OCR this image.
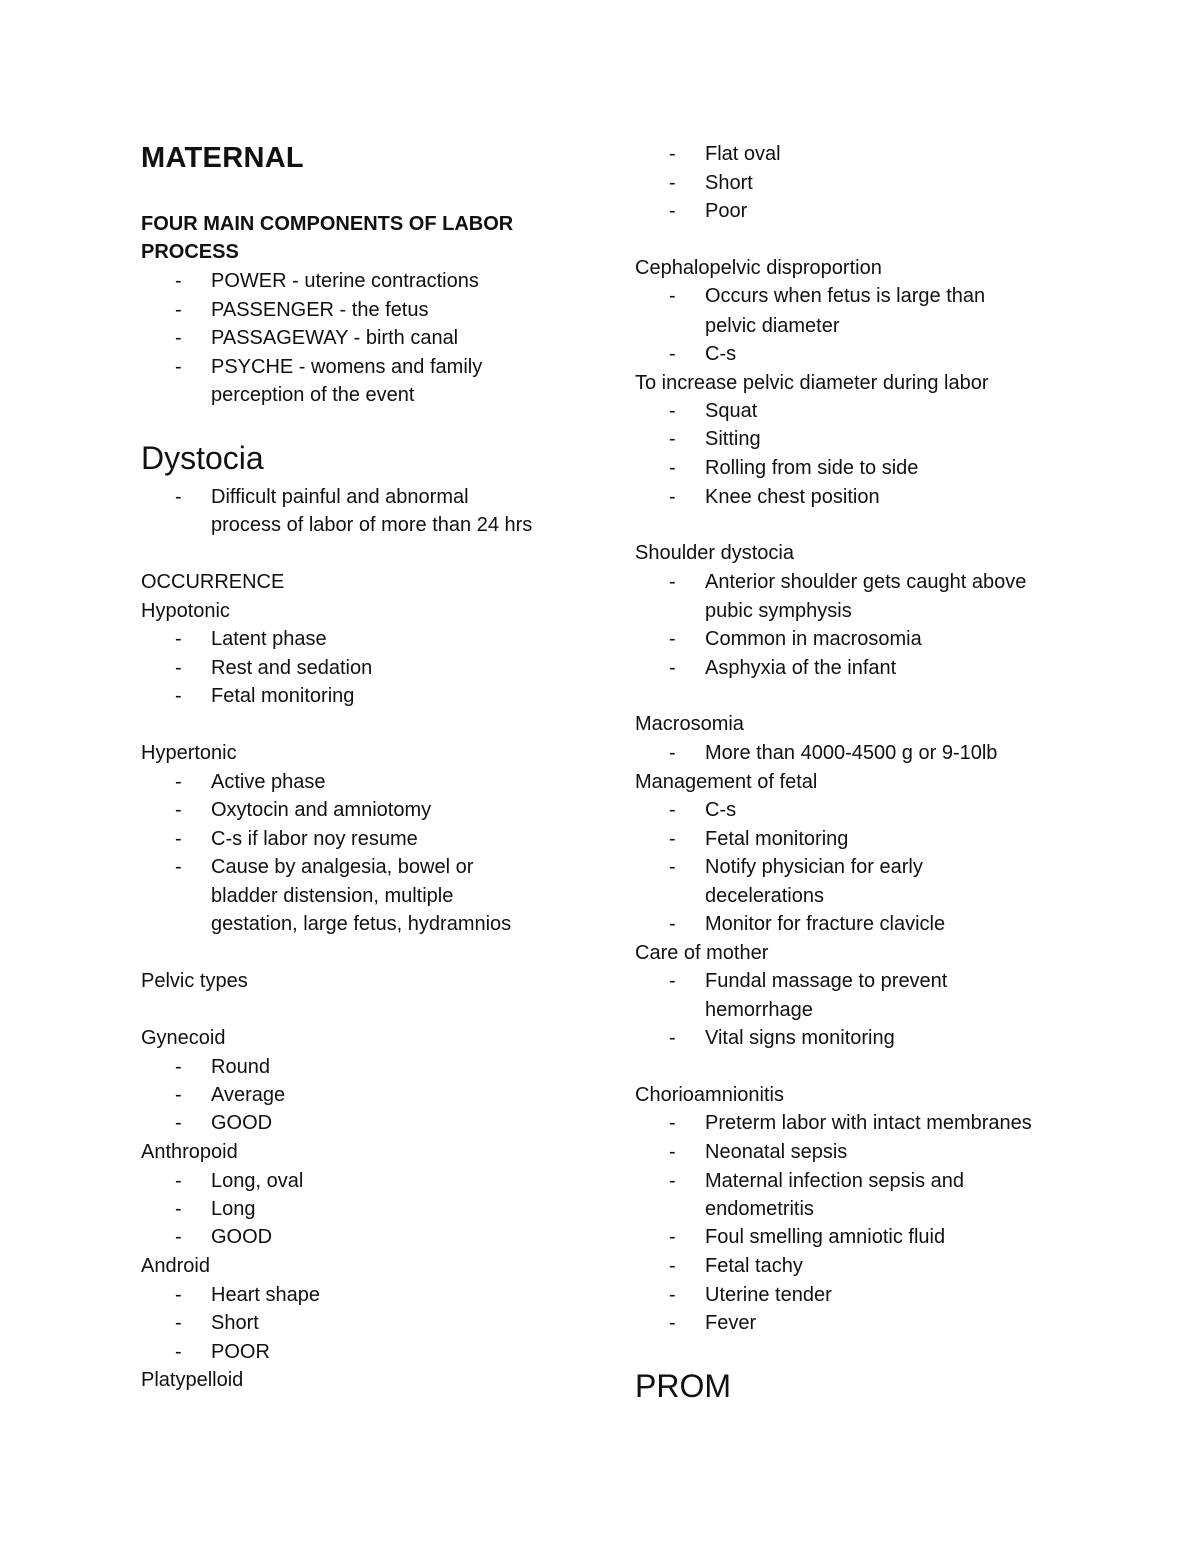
MATERNAL
FOUR MAIN COMPONENTS OF LABOR
PROCESS
- POWER - uterine contractions
- PASSENGER - the fetus
- PASSAGEWAY - birth canal
- PSYCHE - womens and family
perception of the event
Dystocia
- Difficult painful and abnormal
process of labor of more than 24 hrs
OCCURRENCE
Hypotonic
- Latent phase
- Rest and sedation
- Fetal monitoring
Hypertonic
- Active phase
- Oxytocin and amniotomy
- C-s if labor noy resume
- Cause by analgesia, bowel or
bladder distension, multiple
gestation, large fetus, hydramnios
Pelvic types
Gynecoid
- Round
- Average
- GOOD
Anthropoid
- Long, oval
- Long
- GOOD
Android
- Heart shape
- Short
- POOR
Platypelloid
- Flat oval
- Short
- Poor
Cephalopelvic disproportion
- Occurs when fetus is large than
pelvic diameter
- C-s
To increase pelvic diameter during labor
- Squat
- Sitting
- Rolling from side to side
- Knee chest position
Shoulder dystocia
- Anterior shoulder gets caught above
pubic symphysis
- Common in macrosomia
- Asphyxia of the infant
Macrosomia
- More than 4000-4500 g or 9-10lb
Management of fetal
- C-s
- Fetal monitoring
- Notify physician for early
decelerations
- Monitor for fracture clavicle
Care of mother
- Fundal massage to prevent
hemorrhage
- Vital signs monitoring
Chorioamnionitis
- Preterm labor with intact membranes
- Neonatal sepsis
- Maternal infection sepsis and
endometritis
- Foul smelling amniotic fluid
- Fetal tachy
- Uterine tender
- Fever
PROM
